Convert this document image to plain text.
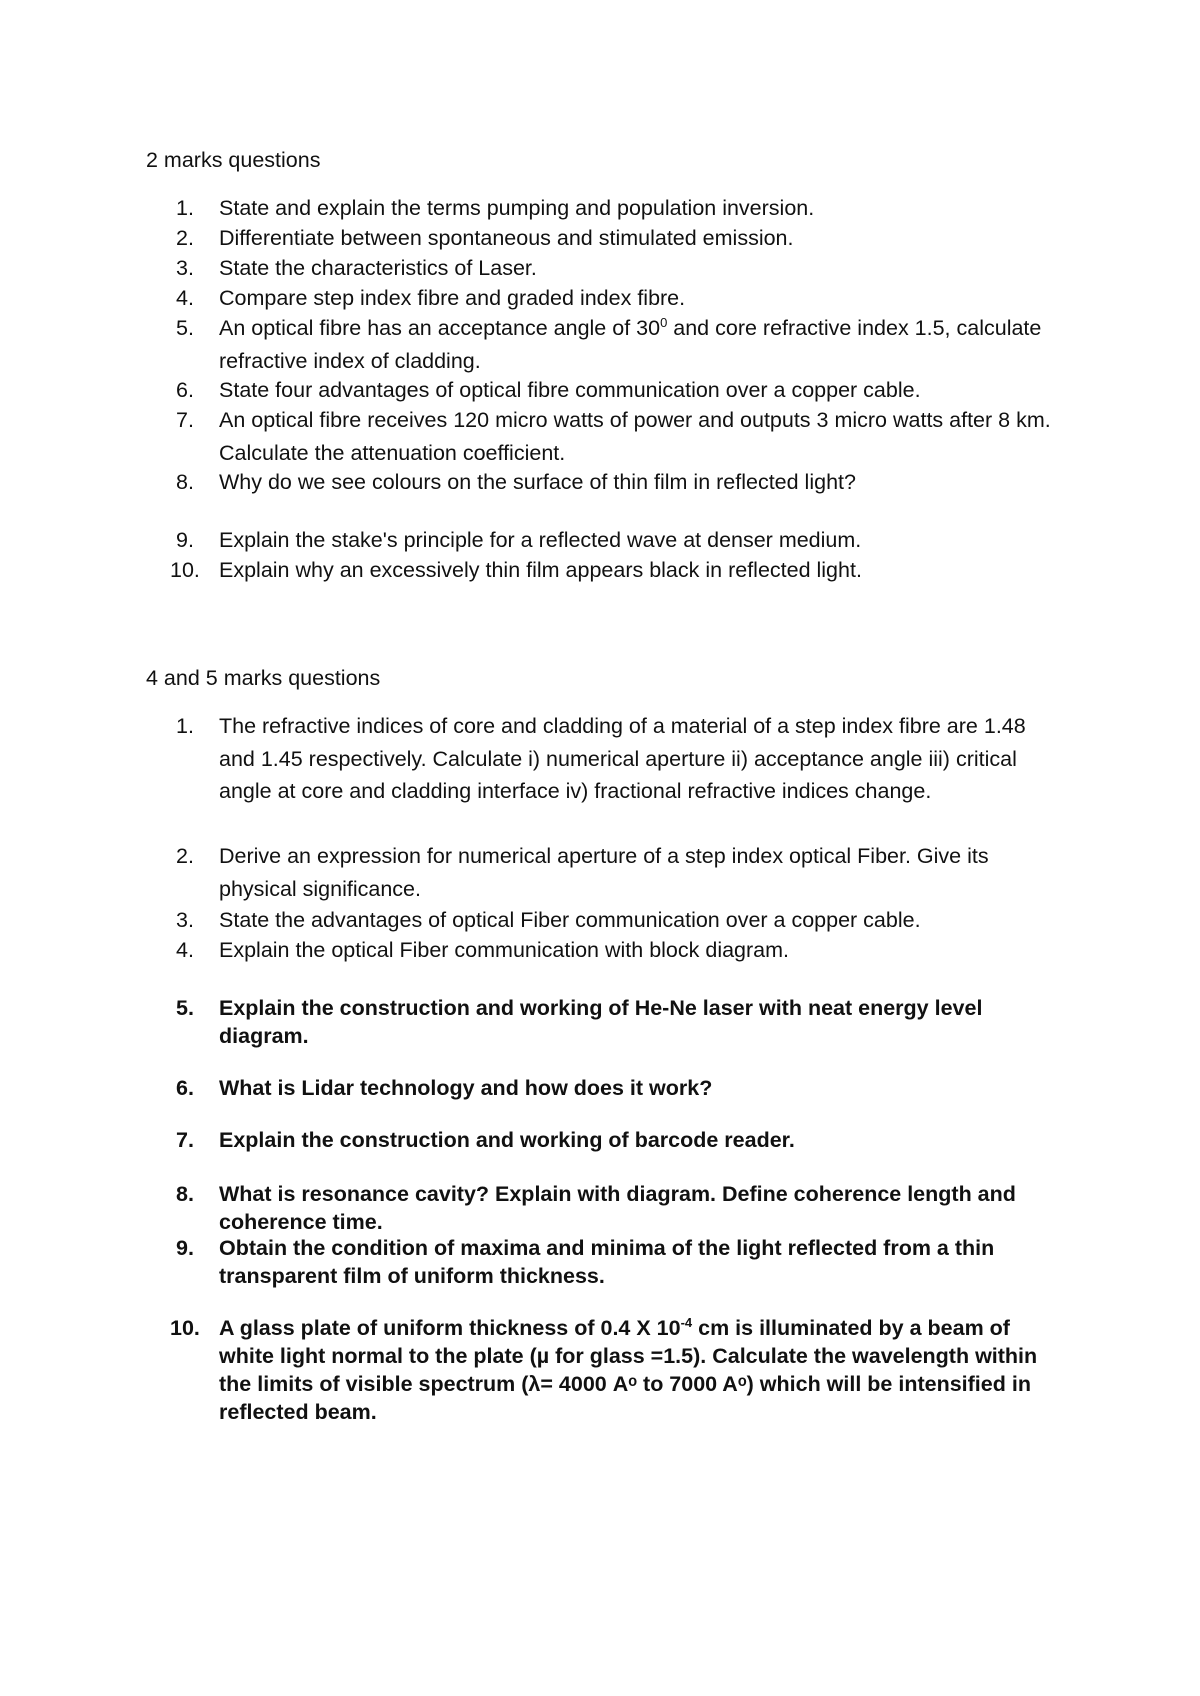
2 marks questions
1. State and explain the terms pumping and population inversion.
2. Differentiate between spontaneous and stimulated emission.
3. State the characteristics of Laser.
4. Compare step index fibre and graded index fibre.
5. An optical fibre has an acceptance angle of $30^0$ and core refractive index 1.5, calculate refractive index of cladding.
6. State four advantages of optical fibre communication over a copper cable.
7. An optical fibre receives 120 micro watts of power and outputs 3 micro watts after 8 km. Calculate the attenuation coefficient.
8. Why do we see colours on the surface of thin film in reflected light?
9. Explain the stake's principle for a reflected wave at denser medium.
10. Explain why an excessively thin film appears black in reflected light.
4 and 5 marks questions
1. The refractive indices of core and cladding of a material of a step index fibre are 1.48 and 1.45 respectively. Calculate i) numerical aperture ii) acceptance angle iii) critical angle at core and cladding interface iv) fractional refractive indices change.
2. Derive an expression for numerical aperture of a step index optical Fiber. Give its physical significance.
3. State the advantages of optical Fiber communication over a copper cable.
4. Explain the optical Fiber communication with block diagram.
5. Explain the construction and working of He-Ne laser with neat energy level diagram.
6. What is Lidar technology and how does it work?
7. Explain the construction and working of barcode reader.
8. What is resonance cavity? Explain with diagram. Define coherence length and coherence time.
9. Obtain the condition of maxima and minima of the light reflected from a thin transparent film of uniform thickness.
10. A glass plate of uniform thickness of 0.4 X $10^{-4}$ cm is illuminated by a beam of white light normal to the plate (µ for glass =1.5). Calculate the wavelength within the limits of visible spectrum (λ= 4000 Aᵒ to 7000 Aᵒ) which will be intensified in reflected beam.
